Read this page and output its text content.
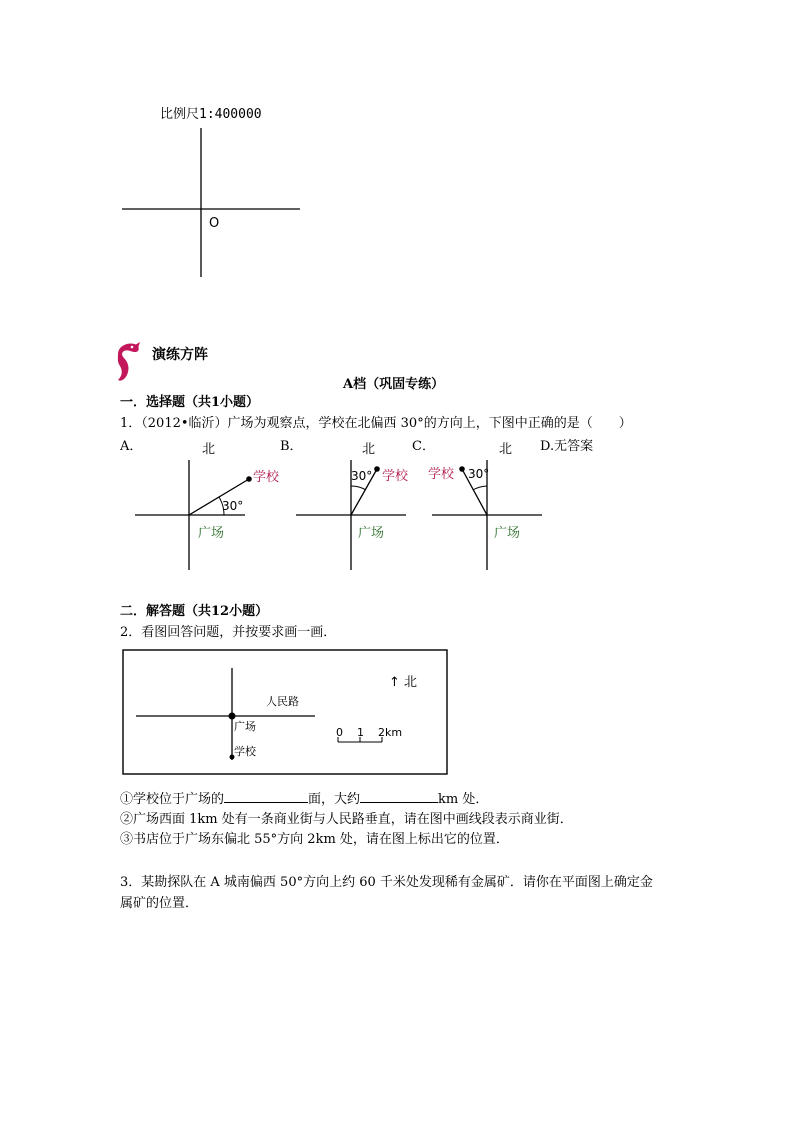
比例尺1:400000
O
演练方阵
A档（巩固专练）
一．选择题（共1小题）
1．（2012•临沂）广场为观察点，学校在北偏西 30°的方向上，下图中正确的是（　　）
A．	B．	C．	D.无答案
北
学校
30°
广场
北
学校
30°
广场
北
学校 30°
广场
二．解答题（共12小题）
2．看图回答问题，并按要求画一画．
人民路
广场
学校
↑ 北
0 1 2km
①学校位于广场的	面，大约	km 处．
②广场西面 1km 处有一条商业街与人民路垂直，请在图中画线段表示商业街．
③书店位于广场东偏北 55°方向 2km 处，请在图上标出它的位置．
3．某勘探队在 A 城南偏西 50°方向上约 60 千米处发现稀有金属矿．请你在平面图上确定金
属矿的位置．
